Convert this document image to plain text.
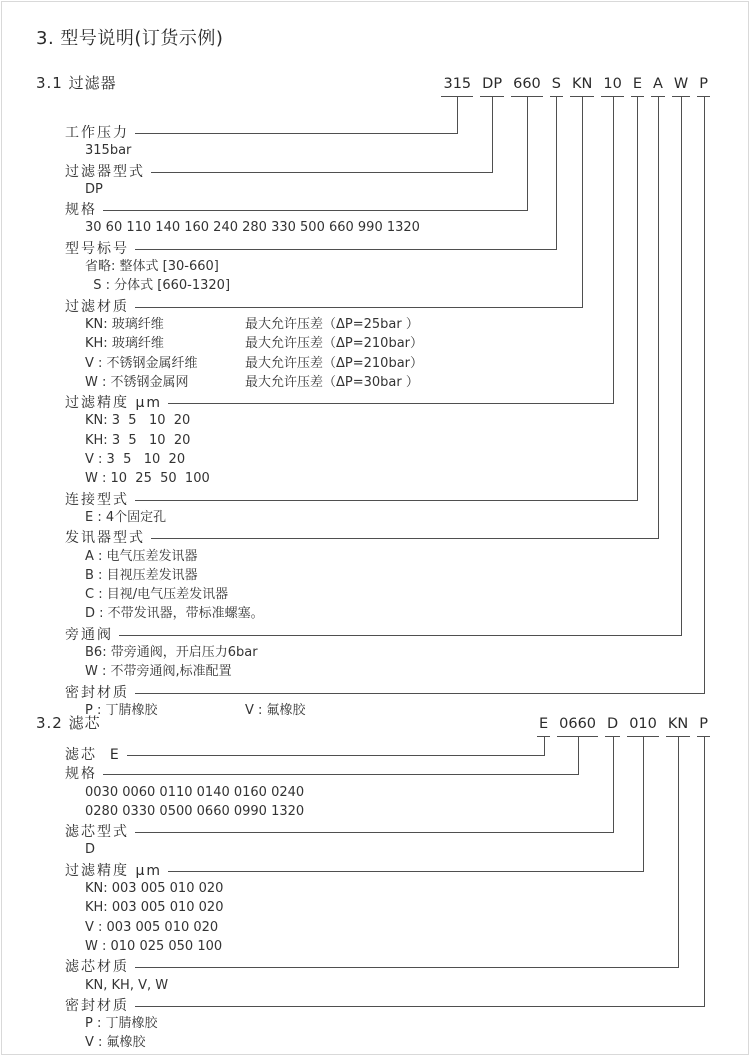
3. 型号说明(订货示例)
3.1 过滤器	315 DP 660 S KN 10 E A W P
工作压力
315bar
过滤器型式
DP
规格
30 60 110 140 160 240 280 330 500 660 990 1320
型号标号
省略: 整体式 [30-660]
S : 分体式 [660-1320]
过滤材质
KN: 玻璃纤维	最大允许压差（ΔP=25bar ）
KH: 玻璃纤维	最大允许压差（ΔP=210bar）
V : 不锈钢金属纤维	最大允许压差（ΔP=210bar）
W : 不锈钢金属网	最大允许压差（ΔP=30bar ）
过滤精度 μm
KN: 3  5   10  20
KH: 3  5   10  20
V : 3  5   10  20
W : 10  25  50  100
连接型式
E : 4个固定孔
发讯器型式
A : 电气压差发讯器
B : 目视压差发讯器
C : 目视/电气压差发讯器
D : 不带发讯器，带标准螺塞。
旁通阀
B6: 带旁通阀，开启压力6bar
W : 不带旁通阀,标准配置
密封材质
P : 丁腈橡胶	V : 氟橡胶
3.2 滤芯	E 0660 D 010 KN P
滤芯  E
规格
0030 0060 0110 0140 0160 0240
0280 0330 0500 0660 0990 1320
滤芯型式
D
过滤精度 μm
KN: 003 005 010 020
KH: 003 005 010 020
V : 003 005 010 020
W : 010 025 050 100
滤芯材质
KN, KH, V, W
密封材质
P : 丁腈橡胶
V : 氟橡胶
